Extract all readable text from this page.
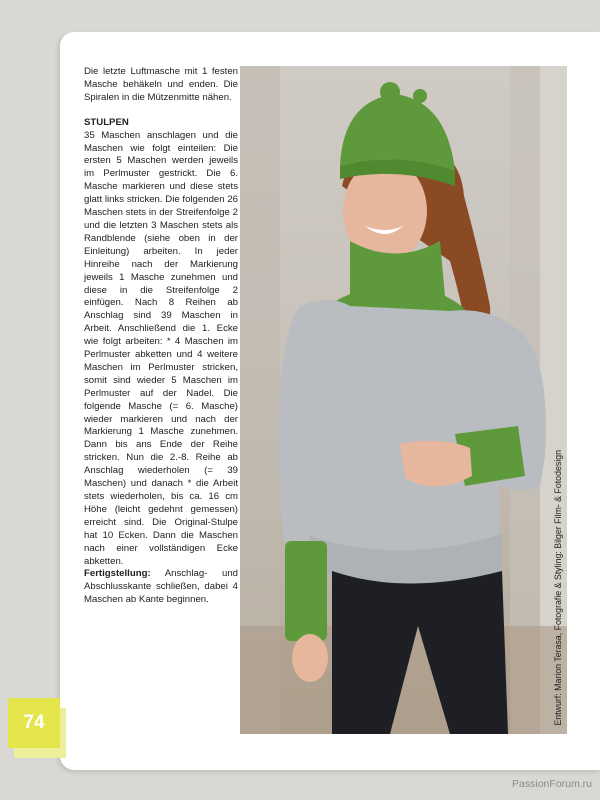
Die letzte Luftmasche mit 1 festen Masche behäkeln und enden. Die Spiralen in die Mützenmitte nähen.

STULPEN

35 Maschen anschlagen und die Maschen wie folgt einteilen: Die ersten 5 Maschen werden jeweils im Perlmuster gestrickt. Die 6. Masche markieren und diese stets glatt links stricken. Die folgenden 26 Maschen stets in der Streifenfolge 2 und die letzten 3 Maschen stets als Randblende (siehe oben in der Einleitung) arbeiten. In jeder Hinreihe nach der Markierung jeweils 1 Masche zunehmen und diese in die Streifenfolge 2 einfügen. Nach 8 Reihen ab Anschlag sind 39 Maschen in Arbeit. Anschließend die 1. Ecke wie folgt arbeiten: * 4 Maschen im Perlmuster abketten und 4 weitere Maschen im Perlmuster stricken, somit sind wieder 5 Maschen im Perlmuster auf der Nadel. Die folgende Masche (= 6. Masche) wieder markieren und nach der Markierung 1 Masche zunehmen. Dann bis ans Ende der Reihe stricken. Nun die 2.-8. Reihe ab Anschlag wiederholen (= 39 Maschen) und danach * die Arbeit stets wiederholen, bis ca. 16 cm Höhe (leicht gedehnt gemessen) erreicht sind. Die Original-Stulpe hat 10 Ecken. Dann die Maschen nach einer vollständigen Ecke abketten.

Fertigstellung: Anschlag- und Abschlusskante schließen, dabei 4 Maschen ab Kante beginnen.	Entwurf: Marion Terasa, Fotografie & Styling: Bilger Film- & Fotodesign
74
PassionForum.ru
